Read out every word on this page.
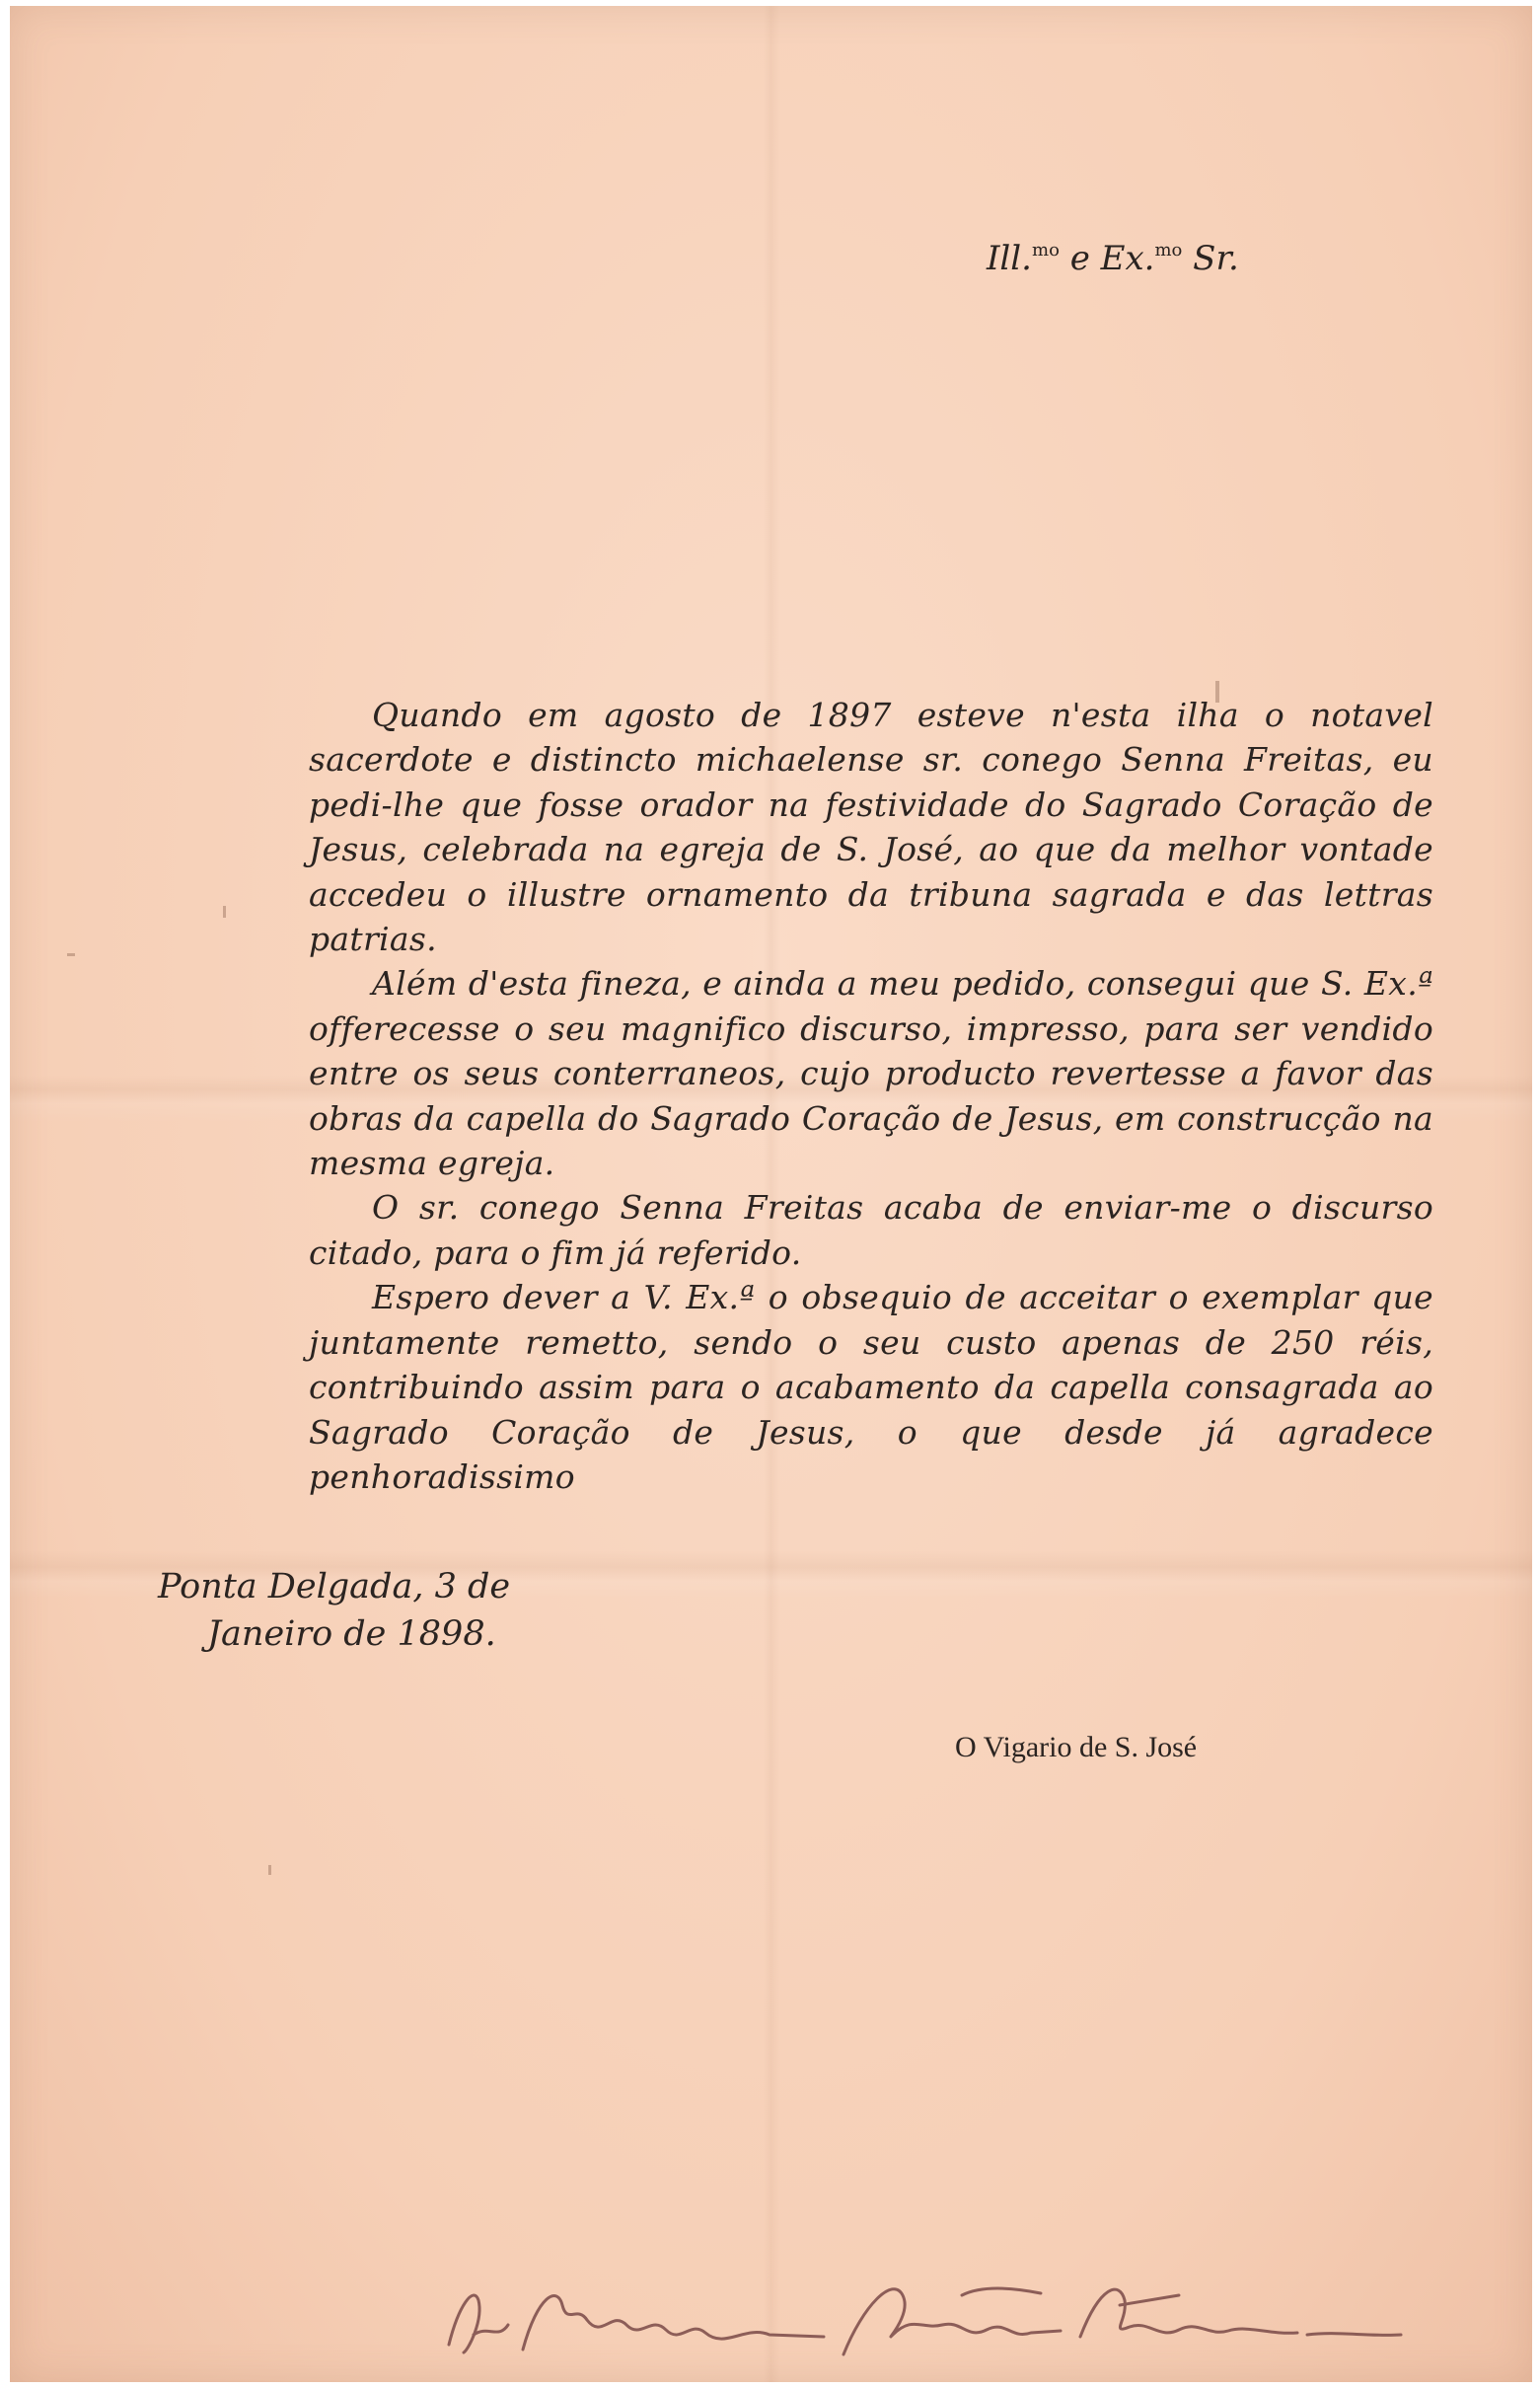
Ill.$^{mo}$ e Ex.$^{mo}$ Sr.

Quando em agosto de 1897 esteve n'esta ilha o notavel sacerdote e distincto michaelense sr. conego Senna Freitas, eu pedi-lhe que fosse orador na festividade do Sagrado Coração de Jesus, celebrada na egreja de S. José, ao que da melhor vontade accedeu o illustre ornamento da tribuna sagrada e das lettras patrias.

Além d'esta fineza, e ainda a meu pedido, consegui que S. Ex.ª offerecesse o seu magnifico discurso, impresso, para ser vendido entre os seus conterraneos, cujo producto revertesse a favor das obras da capella do Sagrado Coração de Jesus, em construcção na mesma egreja.

O sr. conego Senna Freitas acaba de enviar-me o discurso citado, para o fim já referido.

Espero dever a V. Ex.ª o obsequio de acceitar o exemplar que juntamente remetto, sendo o seu custo apenas de 250 réis, contribuindo assim para o acabamento da capella consagrada ao Sagrado Coração de Jesus, o que desde já agradece penhoradissimo

Ponta Delgada, 3 de
Janeiro de 1898.
O Vigario de S. José
